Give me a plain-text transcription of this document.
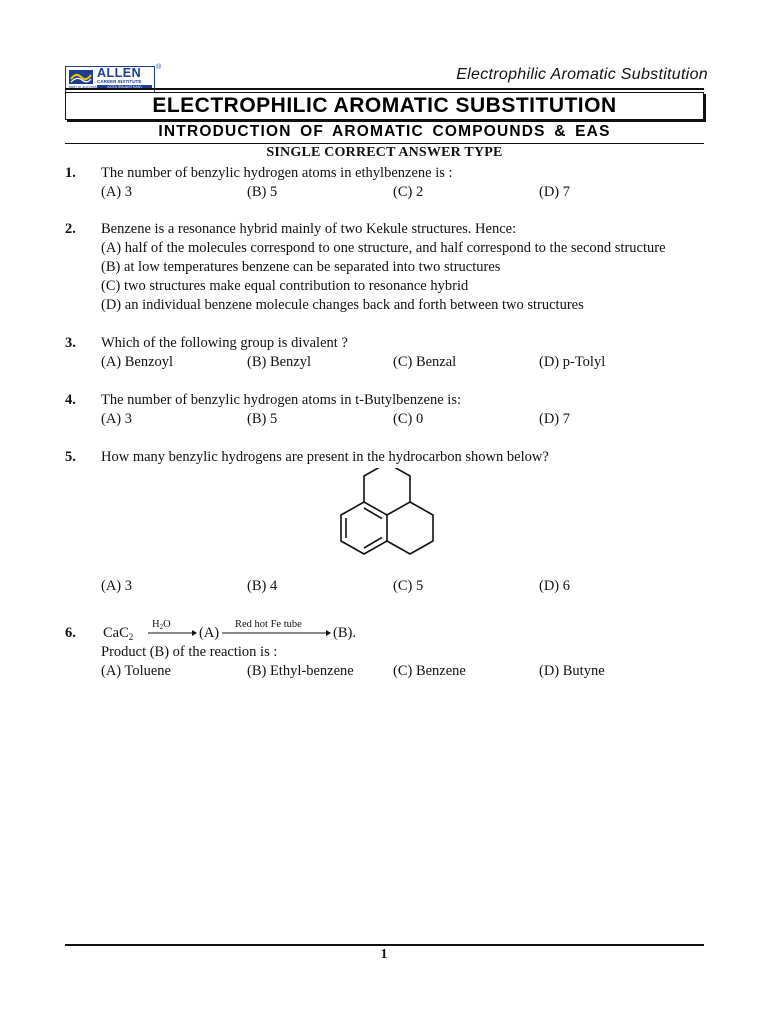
ALLEN
CAREER INSTITUTE
KOTA (RAJASTHAN)
path to success
®	Electrophilic Aromatic Substitution
ELECTROPHILIC AROMATIC SUBSTITUTION
INTRODUCTION OF AROMATIC COMPOUNDS & EAS
SINGLE CORRECT ANSWER TYPE
1. The number of benzylic hydrogen atoms in ethylbenzene is :
(A) 3	(B) 5	(C) 2	(D) 7
2. Benzene is a resonance hybrid mainly of two Kekule structures. Hence:
(A) half of the molecules correspond to one structure, and half correspond to the second structure
(B) at low temperatures benzene can be separated into two structures
(C) two structures make equal contribution to resonance hybrid
(D) an individual benzene molecule changes back and forth between two structures
3. Which of the following group is divalent ?
(A) Benzoyl	(B) Benzyl	(C) Benzal	(D) p-Tolyl
4. The number of benzylic hydrogen atoms in t-Butylbenzene is:
(A) 3	(B) 5	(C) 0	(D) 7
5. How many benzylic hydrogens are present in the hydrocarbon shown below?
(A) 3	(B) 4	(C) 5	(D) 6
6. CaC$_2$
$H_2O$
→ (A)
Red hot Fe tube
(B).
Product (B) of the reaction is :
(A) Toluene	(B) Ethyl-benzene	(C) Benzene	(D) Butyne
1
